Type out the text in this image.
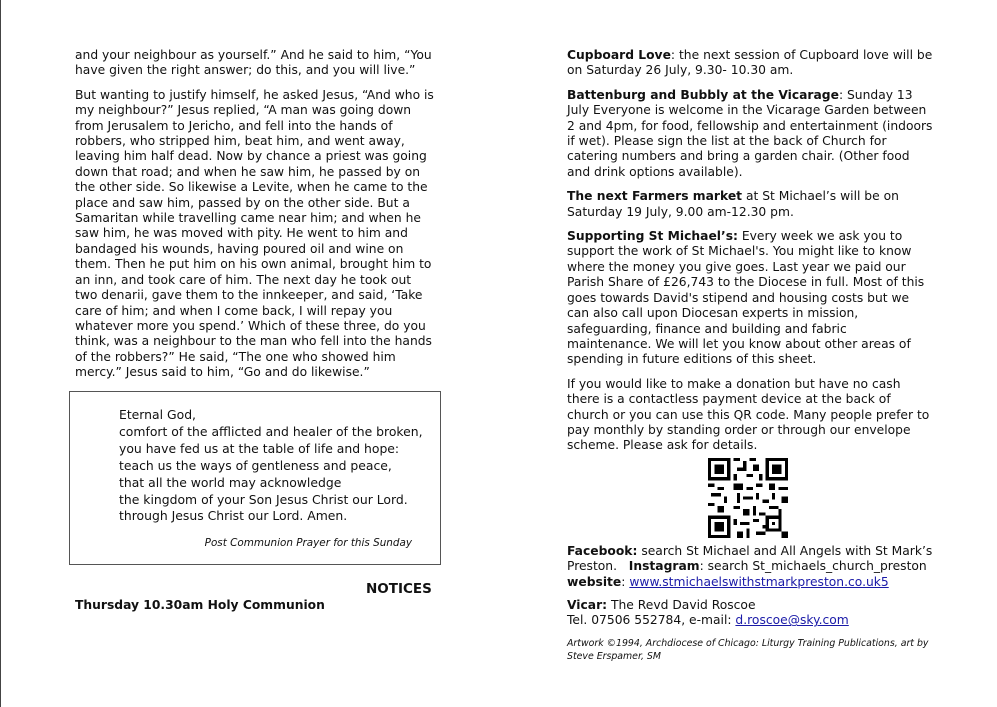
and your neighbour as yourself.” And he said to him, “You have given the right answer; do this, and you will live.”

But wanting to justify himself, he asked Jesus, “And who is my neighbour?” Jesus replied, “A man was going down from Jerusalem to Jericho, and fell into the hands of robbers, who stripped him, beat him, and went away, leaving him half dead. Now by chance a priest was going down that road; and when he saw him, he passed by on the other side. So likewise a Levite, when he came to the place and saw him, passed by on the other side. But a Samaritan while travelling came near him; and when he saw him, he was moved with pity. He went to him and bandaged his wounds, having poured oil and wine on them. Then he put him on his own animal, brought him to an inn, and took care of him. The next day he took out two denarii, gave them to the innkeeper, and said, ‘Take care of him; and when I come back, I will repay you whatever more you spend.’ Which of these three, do you think, was a neighbour to the man who fell into the hands of the robbers?” He said, “The one who showed him mercy.” Jesus said to him, “Go and do likewise.”

Eternal God,
comfort of the afflicted and healer of the broken,
you have fed us at the table of life and hope:
teach us the ways of gentleness and peace,
that all the world may acknowledge
the kingdom of your Son Jesus Christ our Lord.
through Jesus Christ our Lord. Amen.
Post Communion Prayer for this Sunday
NOTICES
Thursday 10.30am Holy Communion

Cupboard Love: the next session of Cupboard love will be on Saturday 26 July, 9.30- 10.30 am.

Battenburg and Bubbly at the Vicarage: Sunday 13 July Everyone is welcome in the Vicarage Garden between 2 and 4pm, for food, fellowship and entertainment (indoors if wet). Please sign the list at the back of Church for catering numbers and bring a garden chair. (Other food and drink options available).

The next Farmers market at St Michael’s will be on Saturday 19 July, 9.00 am-12.30 pm.

Supporting St Michael’s: Every week we ask you to support the work of St Michael's. You might like to know where the money you give goes. Last year we paid our Parish Share of £26,743 to the Diocese in full. Most of this goes towards David's stipend and housing costs but we can also call upon Diocesan experts in mission, safeguarding, finance and building and fabric maintenance. We will let you know about other areas of spending in future editions of this sheet.

If you would like to make a donation but have no cash there is a contactless payment device at the back of church or you can use this QR code. Many people prefer to pay monthly by standing order or through our envelope scheme. Please ask for details.

Facebook: search St Michael and All Angels with St Mark’s Preston. Instagram: search St_michaels_church_preston
website: www.stmichaelswithstmarkpreston.co.uk5

Vicar: The Revd David Roscoe
Tel. 07506 552784, e-mail: d.roscoe@sky.com

Artwork ©1994, Archdiocese of Chicago: Liturgy Training Publications, art by Steve Erspamer, SM
